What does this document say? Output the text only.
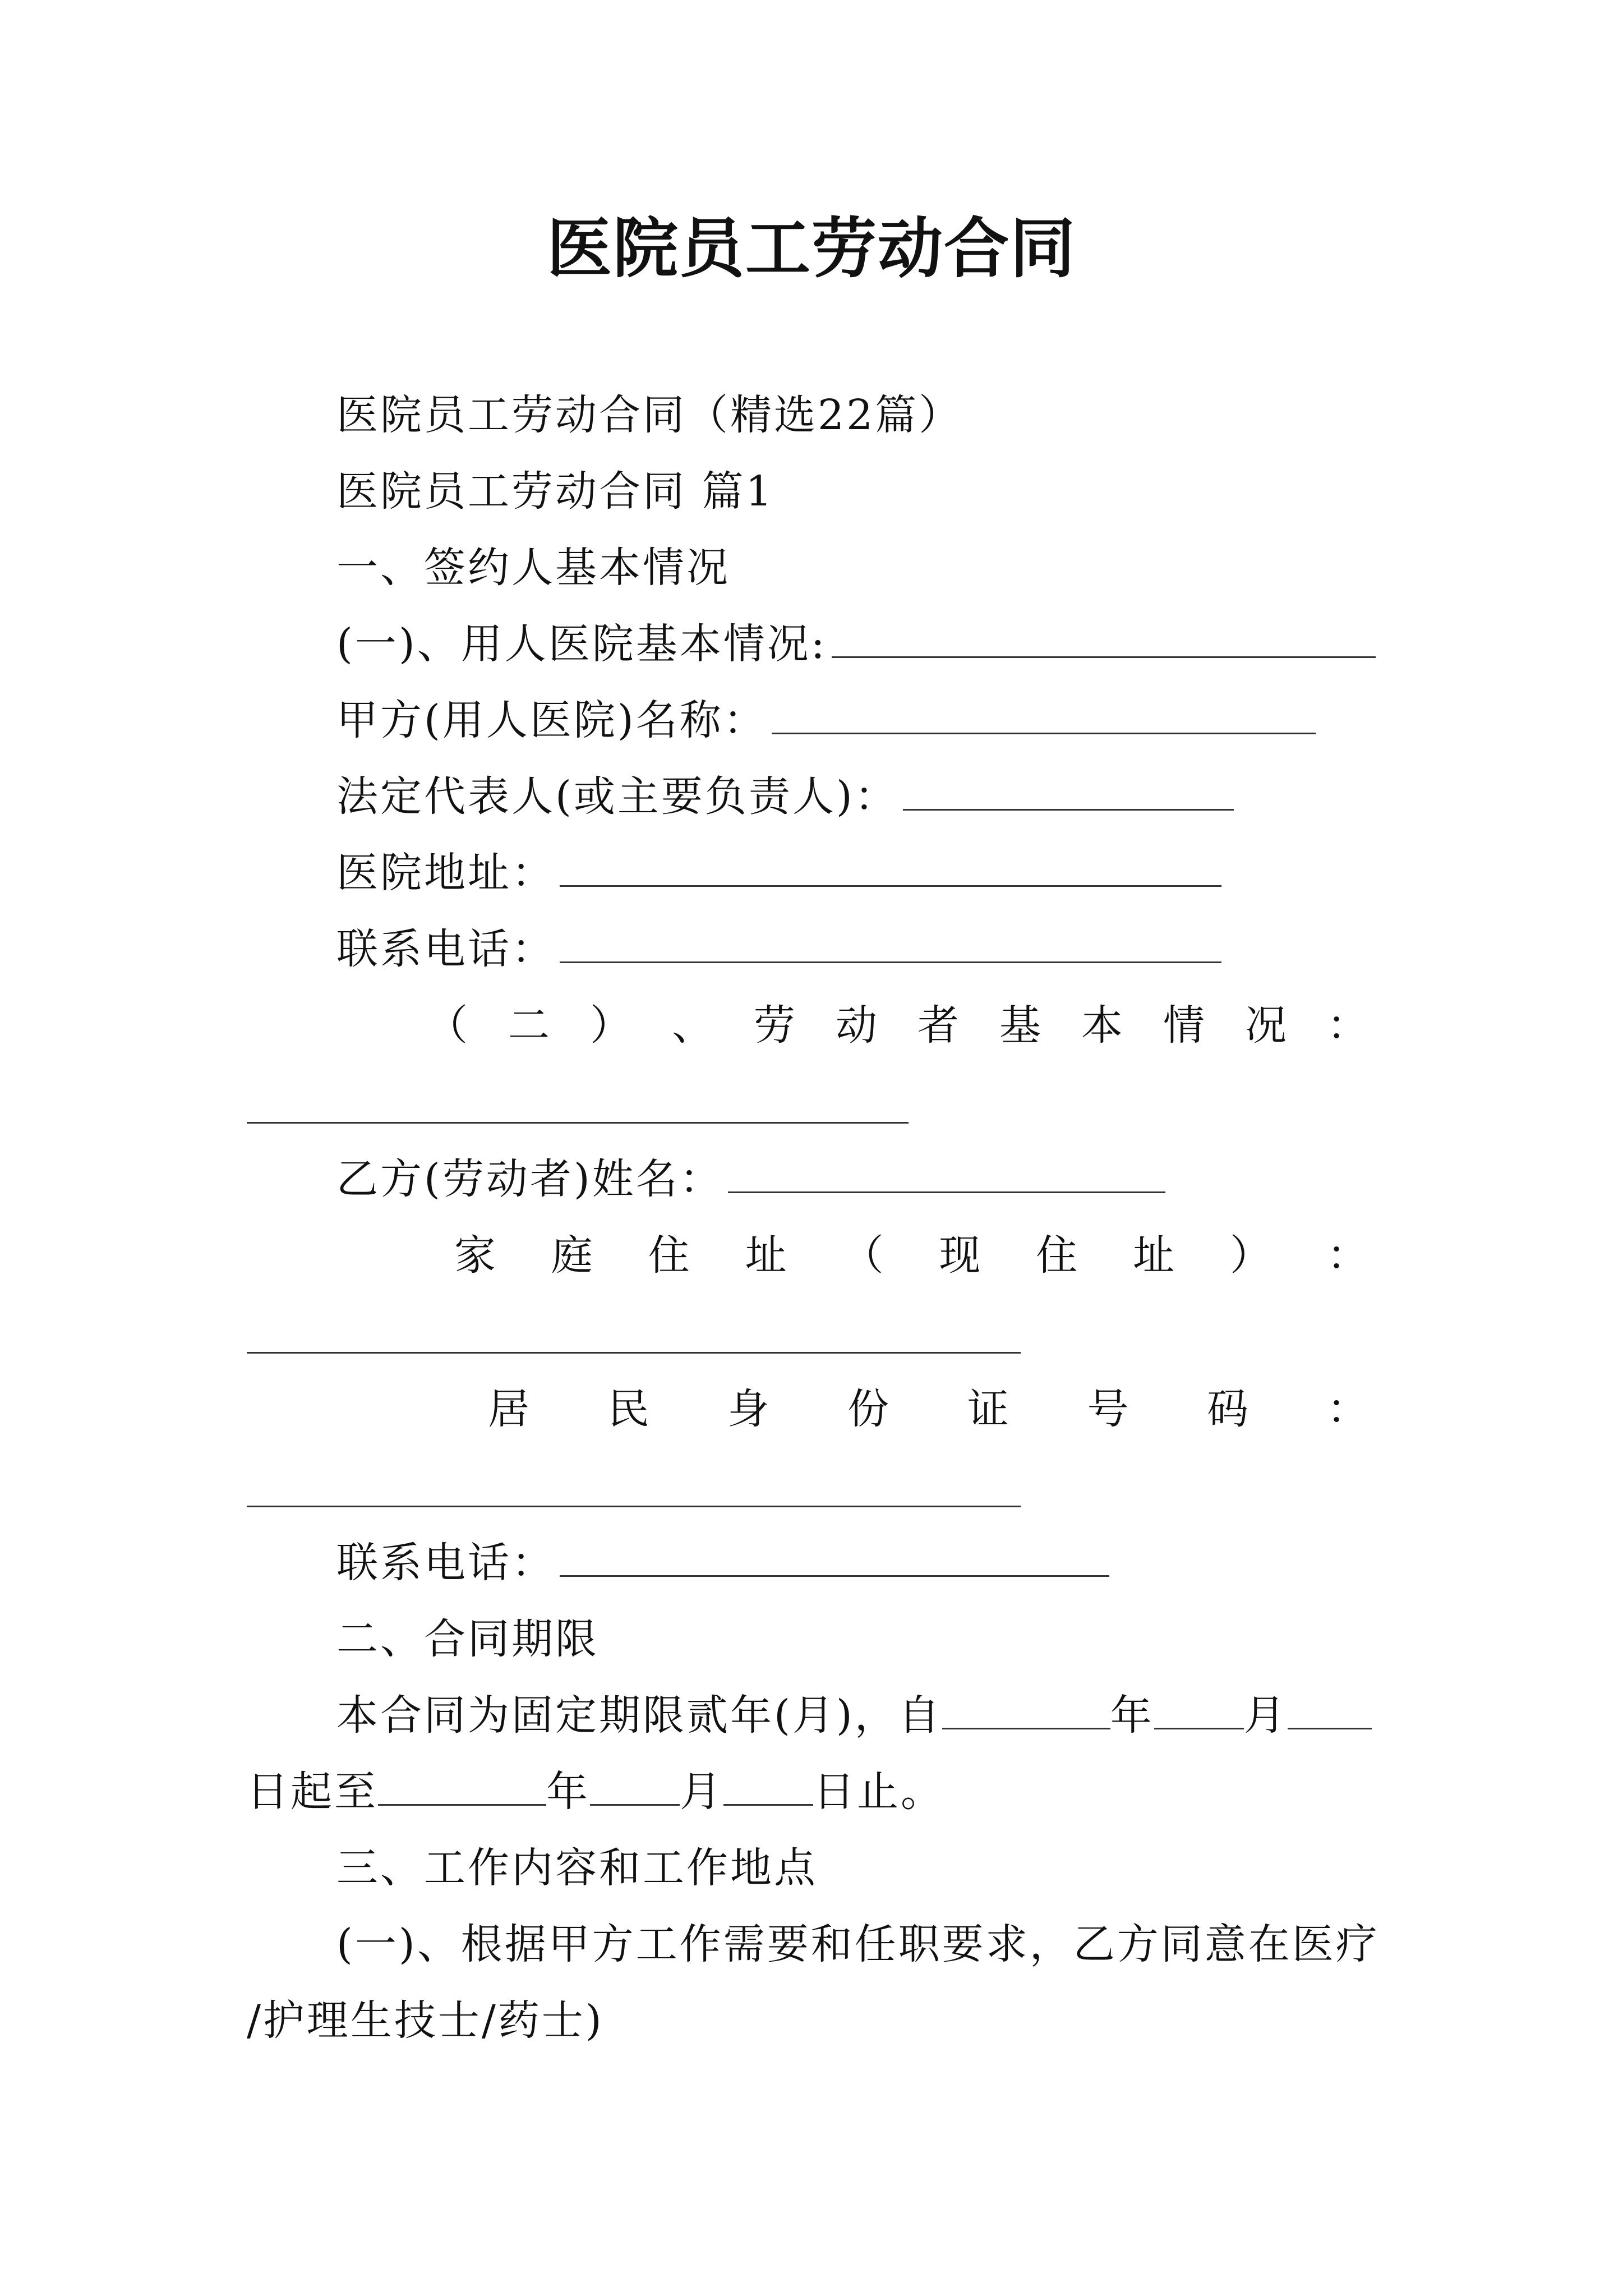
医院员工劳动合同
医院员工劳动合同（精选22篇）
医院员工劳动合同 篇1
一、签约人基本情况
(一)、用人医院基本情况:
甲方(用人医院)名称：
法定代表人(或主要负责人)：
医院地址：
联系电话：
（ 二 ） 、 劳 动 者 基 本 情 况 ：
乙方(劳动者)姓名：
家 庭 住 址 （ 现 住 址 ） ：
居 民 身 份 证 号 码 ：
联系电话：
二、合同期限
本合同为固定期限贰年(月)，自	年 月
日起至	年 月 日止。
三、工作内容和工作地点
(一)、根据甲方工作需要和任职要求，乙方同意在医疗
/护理生技士/药士)
